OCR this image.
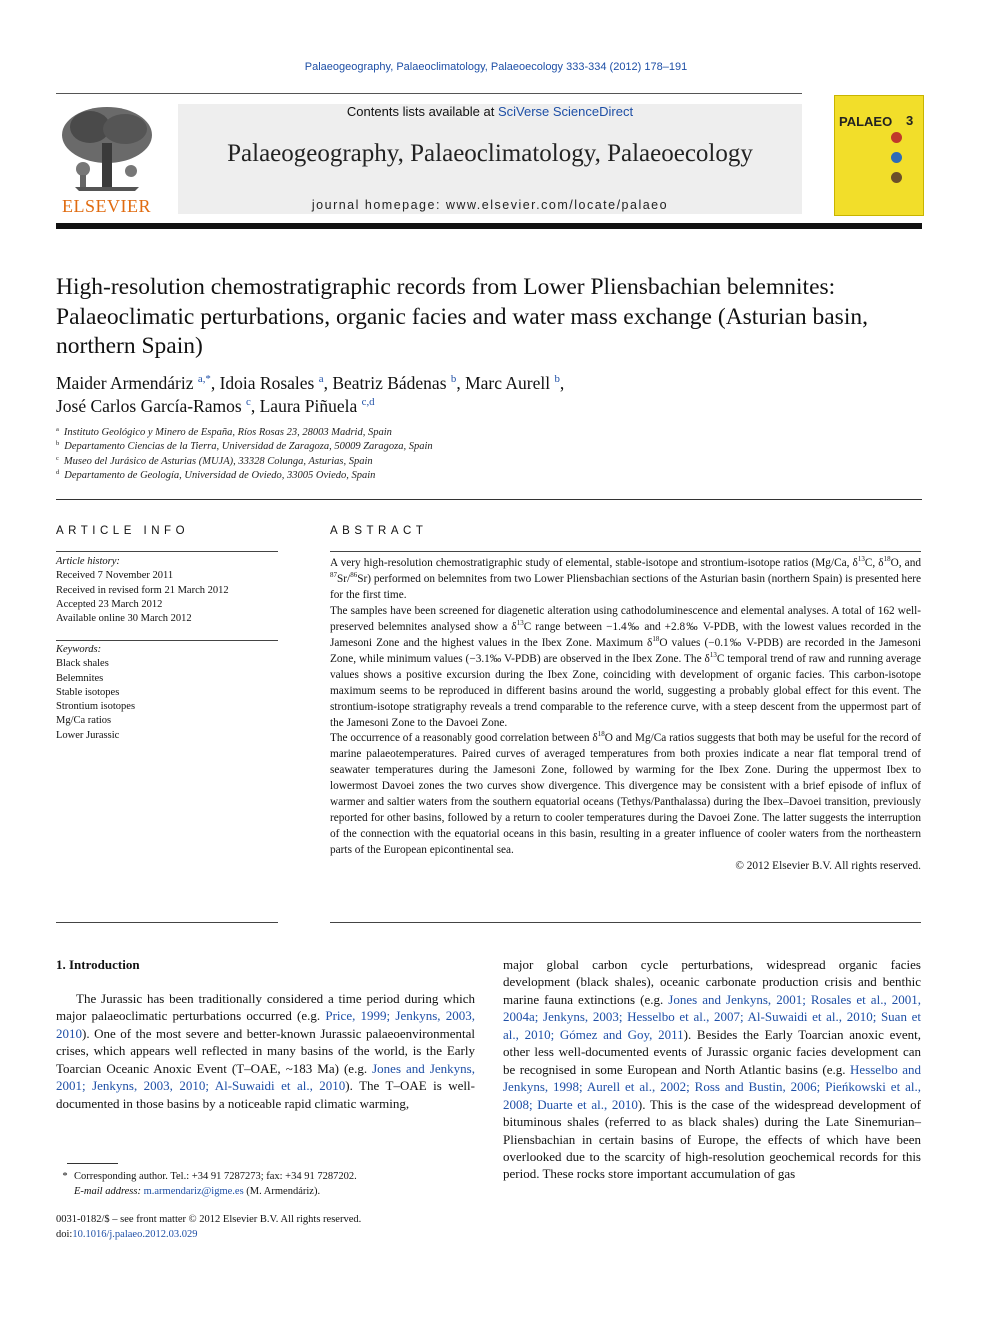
Palaeogeography, Palaeoclimatology, Palaeoecology 333-334 (2012) 178–191
ELSEVIER
Contents lists available at SciVerse ScienceDirect
Palaeogeography, Palaeoclimatology, Palaeoecology
journal homepage: www.elsevier.com/locate/palaeo
PALAEO 3
High-resolution chemostratigraphic records from Lower Pliensbachian belemnites: Palaeoclimatic perturbations, organic facies and water mass exchange (Asturian basin, northern Spain)
Maider Armendáriz $^{a,*}$, Idoia Rosales $^a$, Beatriz Bádenas $^b$, Marc Aurell $^b$,
José Carlos García-Ramos $^c$, Laura Piñuela $^{c,d}$
$^a$ Instituto Geológico y Minero de España, Ríos Rosas 23, 28003 Madrid, Spain
$^b$ Departamento Ciencias de la Tierra, Universidad de Zaragoza, 50009 Zaragoza, Spain
$^c$ Museo del Jurásico de Asturias (MUJA), 33328 Colunga, Asturias, Spain
$^d$ Departamento de Geología, Universidad de Oviedo, 33005 Oviedo, Spain
ARTICLE INFO
Article history:
Received 7 November 2011
Received in revised form 21 March 2012
Accepted 23 March 2012
Available online 30 March 2012
Keywords:
Black shales
Belemnites
Stable isotopes
Strontium isotopes
Mg/Ca ratios
Lower Jurassic
ABSTRACT

A very high-resolution chemostratigraphic study of elemental, stable-isotope and strontium-isotope ratios (Mg/Ca, $\delta^{13}C$, $\delta^{18}O$, and $^{87}$Sr/$^{86}$Sr) performed on belemnites from two Lower Pliensbachian sections of the Asturian basin (northern Spain) is presented here for the first time.

The samples have been screened for diagenetic alteration using cathodoluminescence and elemental analyses. A total of 162 well-preserved belemnites analysed show a $\delta^{13}C$ range between −1.4‰ and +2.8‰ V-PDB, with the lowest values recorded in the Jamesoni Zone and the highest values in the Ibex Zone. Maximum $\delta^{18}O$ values (−0.1‰ V-PDB) are recorded in the Jamesoni Zone, while minimum values (−3.1‰ V-PDB) are observed in the Ibex Zone. The $\delta^{13}C$ temporal trend of raw and running average values shows a positive excursion during the Ibex Zone, coinciding with development of organic facies. This carbon-isotope maximum seems to be reproduced in different basins around the world, suggesting a probably global effect for this event. The strontium-isotope stratigraphy reveals a trend comparable to the reference curve, with a steep descent from the uppermost part of the Jamesoni Zone to the Davoei Zone.

The occurrence of a reasonably good correlation between $\delta^{18}O$ and Mg/Ca ratios suggests that both may be useful for the record of marine palaeotemperatures. Paired curves of averaged temperatures from both proxies indicate a near flat temporal trend of seawater temperatures during the Jamesoni Zone, followed by warming for the Ibex Zone. During the uppermost Ibex to lowermost Davoei zones the two curves show divergence. This divergence may be consistent with a brief episode of influx of warmer and saltier waters from the southern equatorial oceans (Tethys/Panthalassa) during the Ibex–Davoei transition, previously reported for other basins, followed by a return to cooler temperatures during the Davoei Zone. The latter suggests the interruption of the connection with the equatorial oceans in this basin, resulting in a greater influence of cooler waters from the northeastern parts of the European epicontinental sea.

© 2012 Elsevier B.V. All rights reserved.

1. Introduction

The Jurassic has been traditionally considered a time period during which major palaeoclimatic perturbations occurred (e.g. Price, 1999; Jenkyns, 2003, 2010). One of the most severe and better-known Jurassic palaeoenvironmental crises, which appears well reflected in many basins of the world, is the Early Toarcian Oceanic Anoxic Event (T–OAE, ~183 Ma) (e.g. Jones and Jenkyns, 2001; Jenkyns, 2003, 2010; Al-Suwaidi et al., 2010). The T–OAE is well-documented in those basins by a noticeable rapid climatic warming,

major global carbon cycle perturbations, widespread organic facies development (black shales), oceanic carbonate production crisis and benthic marine fauna extinctions (e.g. Jones and Jenkyns, 2001; Rosales et al., 2001, 2004a; Jenkyns, 2003; Hesselbo et al., 2007; Al-Suwaidi et al., 2010; Suan et al., 2010; Gómez and Goy, 2011). Besides the Early Toarcian anoxic event, other less well-documented events of Jurassic organic facies development can be recognised in some European and North Atlantic basins (e.g. Hesselbo and Jenkyns, 1998; Aurell et al., 2002; Ross and Bustin, 2006; Pieńkowski et al., 2008; Duarte et al., 2010). This is the case of the widespread development of bituminous shales (referred to as black shales) during the Late Sinemurian–Pliensbachian in certain basins of Europe, the effects of which have been overlooked due to the scarcity of high-resolution geochemical records for this period. These rocks store important accumulation of gas

* Corresponding author. Tel.: +34 91 7287273; fax: +34 91 7287202.
E-mail address: m.armendariz@igme.es (M. Armendáriz).
0031-0182/$ – see front matter © 2012 Elsevier B.V. All rights reserved.
doi:10.1016/j.palaeo.2012.03.029
